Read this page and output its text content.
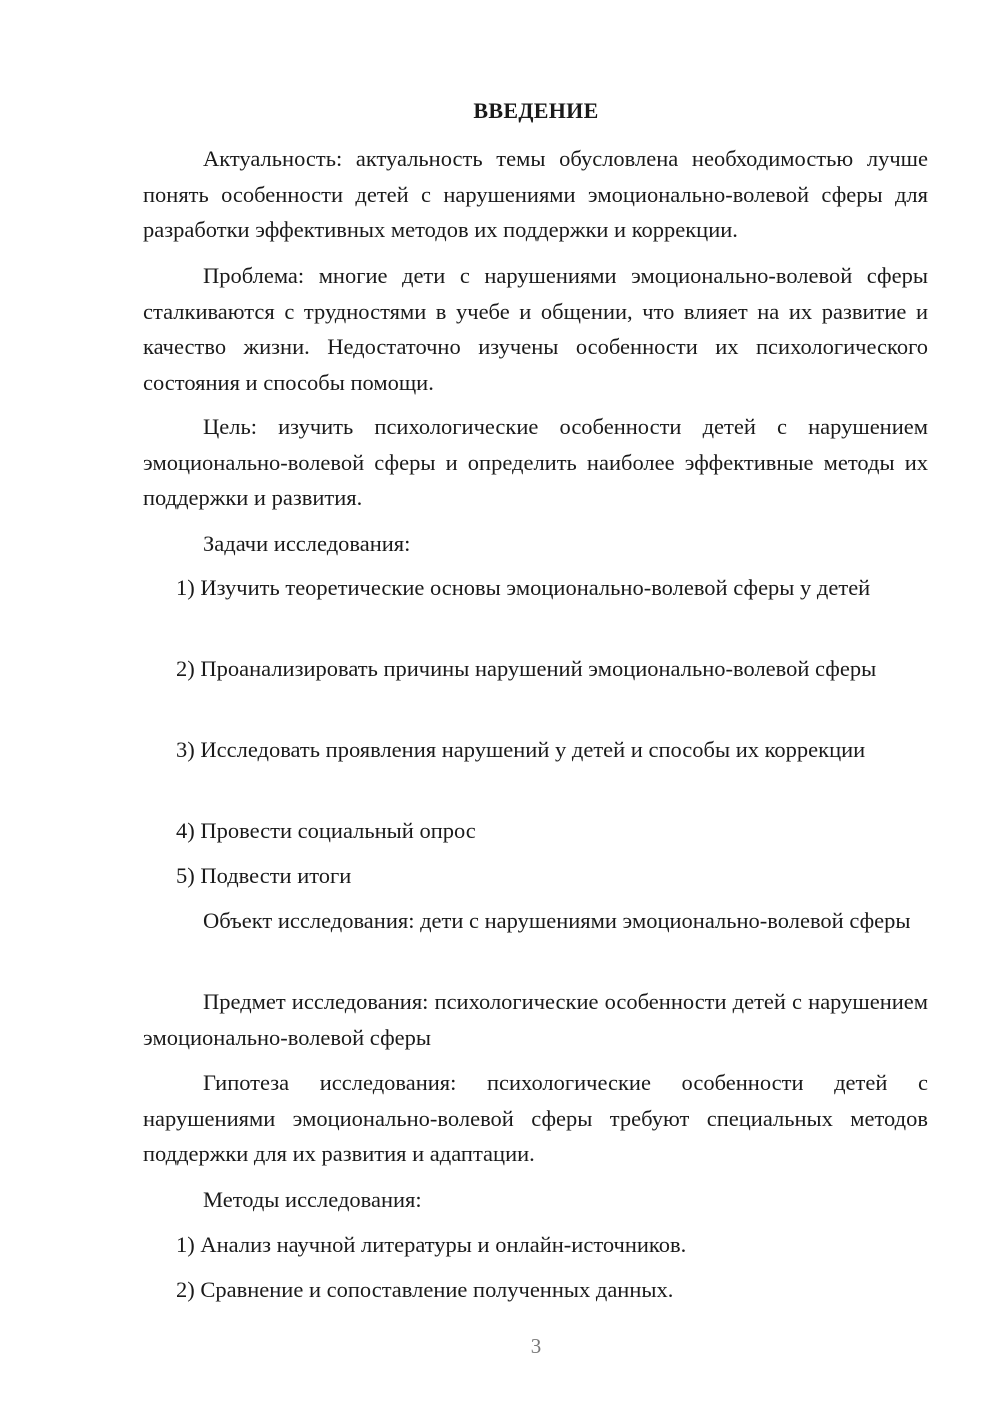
ВВЕДЕНИЕ

Актуальность: актуальность темы обусловлена необходимостью лучше понять особенности детей с нарушениями эмоционально-волевой сферы для разработки эффективных методов их поддержки и коррекции.

Проблема: многие дети с нарушениями эмоционально-волевой сферы сталкиваются с трудностями в учебе и общении, что влияет на их развитие и качество жизни. Недостаточно изучены особенности их психологического состояния и способы помощи.

Цель: изучить психологические особенности детей с нарушением эмоционально-волевой сферы и определить наиболее эффективные методы их поддержки и развития.

Задачи исследования:

1) Изучить теоретические основы эмоционально-волевой сферы у детей

2) Проанализировать причины нарушений эмоционально-волевой сферы

3) Исследовать проявления нарушений у детей и способы их коррекции

4) Провести социальный опрос

5) Подвести итоги

Объект исследования: дети с нарушениями эмоционально-волевой сферы

Предмет исследования: психологические особенности детей с нарушением эмоционально-волевой сферы

Гипотеза исследования: психологические особенности детей с нарушениями эмоционально-волевой сферы требуют специальных методов поддержки для их развития и адаптации.

Методы исследования:

1) Анализ научной литературы и онлайн-источников.

2) Сравнение и сопоставление полученных данных.

3
